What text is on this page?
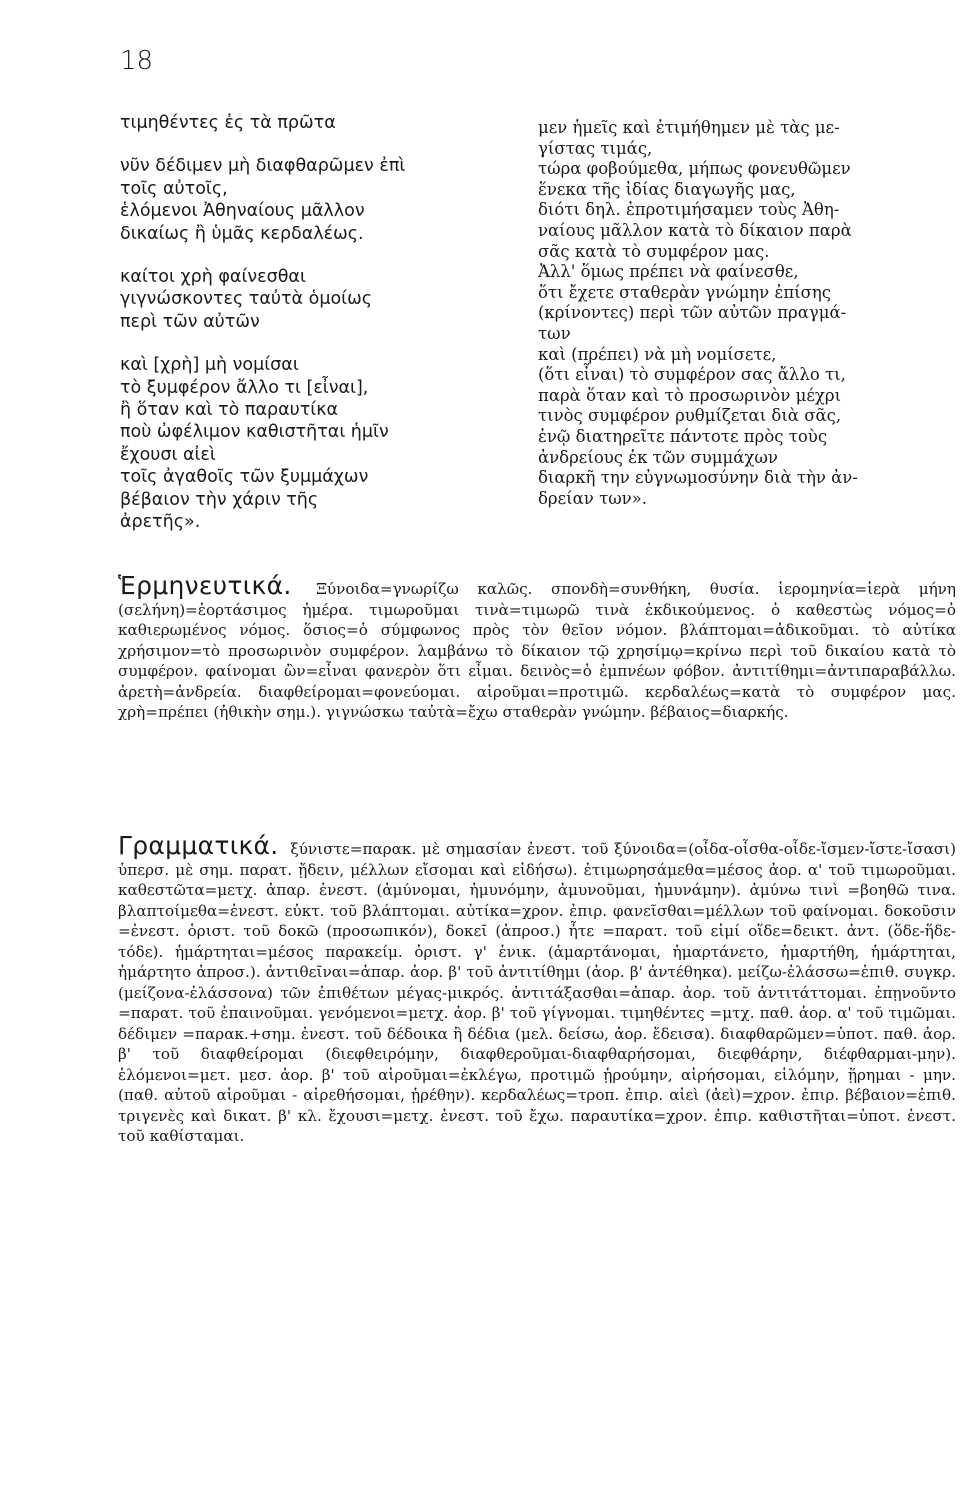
18
τιμηθέντες ἐς τὰ πρῶτα
νῦν δέδιμεν μὴ διαφθαρῶμεν ἐπὶ
τοῖς αὐτοῖς,
ἑλόμενοι Ἀθηναίους μᾶλλον
δικαίως ἢ ὑμᾶς κερδαλέως.
καίτοι χρὴ φαίνεσθαι
γιγνώσκοντες ταὐτὰ ὁμοίως
περὶ τῶν αὐτῶν
καὶ [χρὴ] μὴ νομίσαι
τὸ ξυμφέρον ἄλλο τι [εἶναι],
ἢ ὅταν καὶ τὸ παραυτίκα
ποὺ ὠφέλιμον καθιστῆται ἡμῖν
ἔχουσι αἰεὶ
τοῖς ἀγαθοῖς τῶν ξυμμάχων
βέβαιον τὴν χάριν τῆς
ἀρετῆς».
μεν ἡμεῖς καὶ ἐτιμήθημεν μὲ τὰς με-
γίστας τιμάς,
τώρα φοβούμεθα, μήπως φονευθῶμεν
ἕνεκα τῆς ἰδίας διαγωγῆς μας,
διότι δηλ. ἐπροτιμήσαμεν τοὺς Ἀθη-
ναίους μᾶλλον κατὰ τὸ δίκαιον παρὰ
σᾶς κατὰ τὸ συμφέρον μας.
Ἀλλ' ὅμως πρέπει νὰ φαίνεσθε,
ὅτι ἔχετε σταθερὰν γνώμην ἐπίσης
(κρίνοντες) περὶ τῶν αὐτῶν πραγμά-
των
καὶ (πρέπει) νὰ μὴ νομίσετε,
(ὅτι εἶναι) τὸ συμφέρον σας ἄλλο τι,
παρὰ ὅταν καὶ τὸ προσωρινὸν μέχρι
τινὸς συμφέρον ρυθμίζεται διὰ σᾶς,
ἐνῷ διατηρεῖτε πάντοτε πρὸς τοὺς
ἀνδρείους ἐκ τῶν συμμάχων
διαρκῆ την εὐγνωμοσύνην διὰ τὴν ἀν-
δρείαν των».
Ἑρμηνευτικά. Ξύνοιδα=γνωρίζω καλῶς. σπονδὴ=συνθήκη, θυσία. ἱερομηνία=ἱερὰ μήνη (σελήνη)=ἑορτάσιμος ἡμέρα. τιμωροῦμαι τινὰ=τιμωρῶ τινὰ ἐκδικούμενος. ὁ καθεστὼς νόμος=ὁ καθιερωμένος νόμος. ὅσιος=ὁ σύμφωνος πρὸς τὸν θεῖον νόμον. βλάπτομαι=ἀδικοῦμαι. τὸ αὐτίκα χρήσιμον=τὸ προσωρινὸν συμφέρον. λαμβάνω τὸ δίκαιον τῷ χρησίμῳ=κρίνω περὶ τοῦ δικαίου κατὰ τὸ συμφέρον. φαίνομαι ὢν=εἶναι φανερὸν ὅτι εἶμαι. δεινὸς=ὁ ἐμπνέων φόβον. ἀντιτίθημι=ἀντιπαραβάλλω. ἀρετὴ=ἀνδρεία. διαφθείρομαι=φονεύομαι. αἱροῦμαι=προτιμῶ. κερδαλέως=κατὰ τὸ συμφέρον μας. χρὴ=πρέπει (ἠθικὴν σημ.). γιγνώσκω ταὐτὰ=ἔχω σταθερὰν γνώμην. βέβαιος=διαρκής.
Γραμματικά. ξύνιστε=παρακ. μὲ σημασίαν ἐνεστ. τοῦ ξύνοιδα=(οἶδα-οἶσθα-οἶδε-ἴσμεν-ἴστε-ἴσασι) ὑπερσ. μὲ σημ. παρατ. ᾔδειν, μέλλων εἴσομαι καὶ εἰδήσω). ἐτιμωρησάμεθα=μέσος ἀορ. α' τοῦ τιμωροῦμαι. καθεστῶτα=μετχ. ἀπαρ. ἐνεστ. (ἀμύνομαι, ἠμυνόμην, ἀμυνοῦμαι, ἠμυνάμην). ἀμύνω τινὶ =βοηθῶ τινα. βλαπτοίμεθα=ἐνεστ. εὐκτ. τοῦ βλάπτομαι. αὐτίκα=χρον. ἐπιρ. φανεῖσθαι=μέλλων τοῦ φαίνομαι. δοκοῦσιν =ἐνεστ. ὁριστ. τοῦ δοκῶ (προσωπικόν), δοκεῖ (ἀπροσ.) ἦτε =παρατ. τοῦ εἰμί οἵδε=δεικτ. ἀντ. (ὅδε-ἥδε-τόδε). ἡμάρτηται=μέσος παρακείμ. ὁριστ. γ' ἑνικ. (ἁμαρτάνομαι, ἡμαρτάνετο, ἡμαρτήθη, ἡμάρτηται, ἡμάρτητο ἀπροσ.). ἀντιθεῖναι=ἀπαρ. ἀορ. β' τοῦ ἀντιτίθημι (ἀορ. β' ἀντέθηκα). μείζω-ἐλάσσω=ἐπιθ. συγκρ. (μείζονα-ἐλάσσονα) τῶν ἐπιθέτων μέγας-μικρός. ἀντιτάξασθαι=ἀπαρ. ἀορ. τοῦ ἀντιτάττομαι. ἐπῃνοῦντο =παρατ. τοῦ ἐπαινοῦμαι. γενόμενοι=μετχ. ἀορ. β' τοῦ γίγνομαι. τιμηθέντες =μτχ. παθ. ἀορ. α' τοῦ τιμῶμαι. δέδιμεν =παρακ.+σημ. ἐνεστ. τοῦ δέδοικα ἢ δέδια (μελ. δείσω, ἀορ. ἔδεισα). διαφθαρῶμεν=ὑποτ. παθ. ἀορ. β' τοῦ διαφθείρομαι (διεφθειρόμην, διαφθεροῦμαι-διαφθαρήσομαι, διεφθάρην, διέφθαρμαι-μην). ἑλόμενοι=μετ. μεσ. ἀορ. β' τοῦ αἱροῦμαι=ἐκλέγω, προτιμῶ ᾑρούμην, αἱρήσομαι, εἱλόμην, ᾕρημαι - μην. (παθ. αὐτοῦ αἱροῦμαι - αἱρεθήσομαι, ᾑρέθην). κερδαλέως=τροπ. ἐπιρ. αἰεὶ (ἀεὶ)=χρον. ἐπιρ. βέβαιον=ἐπιθ. τριγενὲς καὶ δικατ. β' κλ. ἔχουσι=μετχ. ἐνεστ. τοῦ ἔχω. παραυτίκα=χρον. ἐπιρ. καθιστῆται=ὑποτ. ἐνεστ. τοῦ καθίσταμαι.
